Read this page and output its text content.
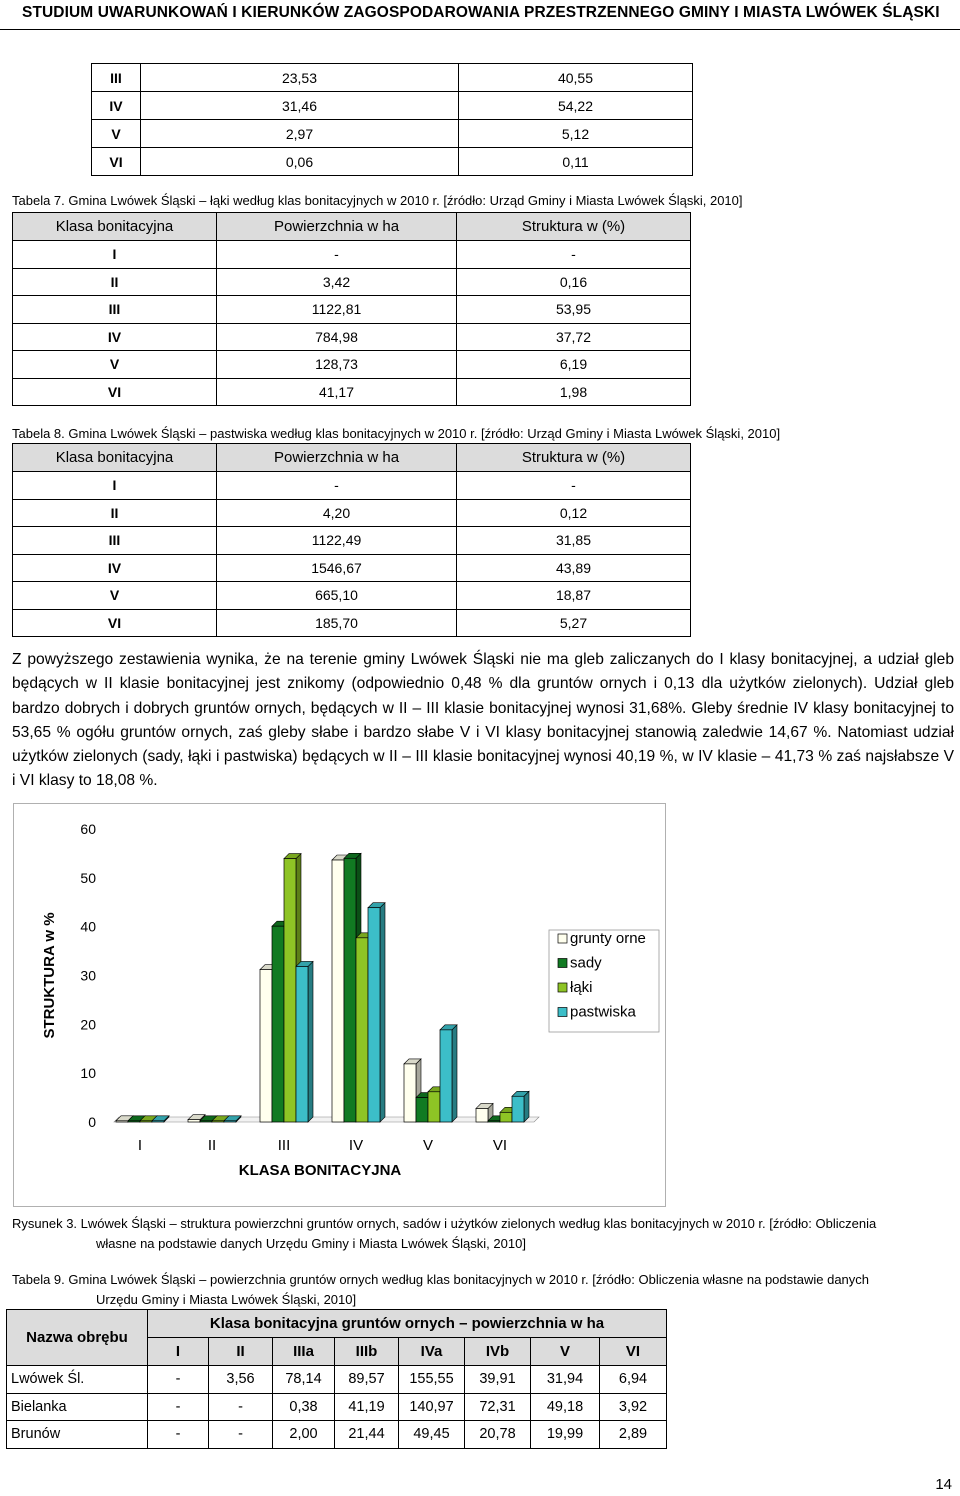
STUDIUM UWARUNKOWAŃ I KIERUNKÓW ZAGOSPODAROWANIA PRZESTRZENNEGO GMINY I MIASTA LWÓWEK ŚLĄSKI
III	23,53	40,55
IV	31,46	54,22
V	2,97	5,12
VI	0,06	0,11
Tabela 7. Gmina Lwówek Śląski – łąki według klas bonitacyjnych w 2010 r. [źródło: Urząd Gminy i Miasta Lwówek Śląski, 2010]
Klasa bonitacyjna	Powierzchnia w ha	Struktura w (%)
I	-	-
II	3,42	0,16
III	1122,81	53,95
IV	784,98	37,72
V	128,73	6,19
VI	41,17	1,98
Tabela 8. Gmina Lwówek Śląski – pastwiska według klas bonitacyjnych w 2010 r. [źródło: Urząd Gminy i Miasta Lwówek Śląski, 2010]
Klasa bonitacyjna	Powierzchnia w ha	Struktura w (%)
I	-	-
II	4,20	0,12
III	1122,49	31,85
IV	1546,67	43,89
V	665,10	18,87
VI	185,70	5,27

Z powyższego zestawienia wynika, że na terenie gminy Lwówek Śląski nie ma gleb zaliczanych do I klasy bonitacyjnej, a udział gleb będących w II klasie bonitacyjnej jest znikomy (odpowiednio 0,48 % dla gruntów ornych i 0,13 dla użytków zielonych). Udział gleb bardzo dobrych i dobrych gruntów ornych, będących w II – III klasie bonitacyjnej wynosi 31,68%. Gleby średnie IV klasy bonitacyjnej to 53,65 % ogółu gruntów ornych, zaś gleby słabe i bardzo słabe V i VI klasy bonitacyjnej stanowią zaledwie 14,67 %. Natomiast udział użytków zielonych (sady, łąki i pastwiska) będących w II – III klasie bonitacyjnej wynosi 40,19 %, w IV klasie – 41,73 % zaś najsłabsze V i VI klasy to 18,08 %.

0
10
20
30
40
50
60
STRUKTURA w %
I	II	III	IV	V	VI
KLASA BONITACYJNA
grunty orne
sady
łąki
pastwiska
Rysunek 3. Lwówek Śląski – struktura powierzchni gruntów ornych, sadów i użytków zielonych według klas bonitacyjnych w 2010 r. [źródło: Obliczenia
własne na podstawie danych Urzędu Gminy i Miasta Lwówek Śląski, 2010]
Tabela 9. Gmina Lwówek Śląski – powierzchnia gruntów ornych według klas bonitacyjnych w 2010 r. [źródło: Obliczenia własne na podstawie danych
Urzędu Gminy i Miasta Lwówek Śląski, 2010]
Nazwa obrębu	Klasa bonitacyjna gruntów ornych – powierzchnia w ha							
	I	II	IIIa	IIIb	IVa	IVb	V	VI
Lwówek Śl.	-	3,56	78,14	89,57	155,55	39,91	31,94	6,94
Bielanka	-	-	0,38	41,19	140,97	72,31	49,18	3,92
Brunów	-	-	2,00	21,44	49,45	20,78	19,99	2,89
14
